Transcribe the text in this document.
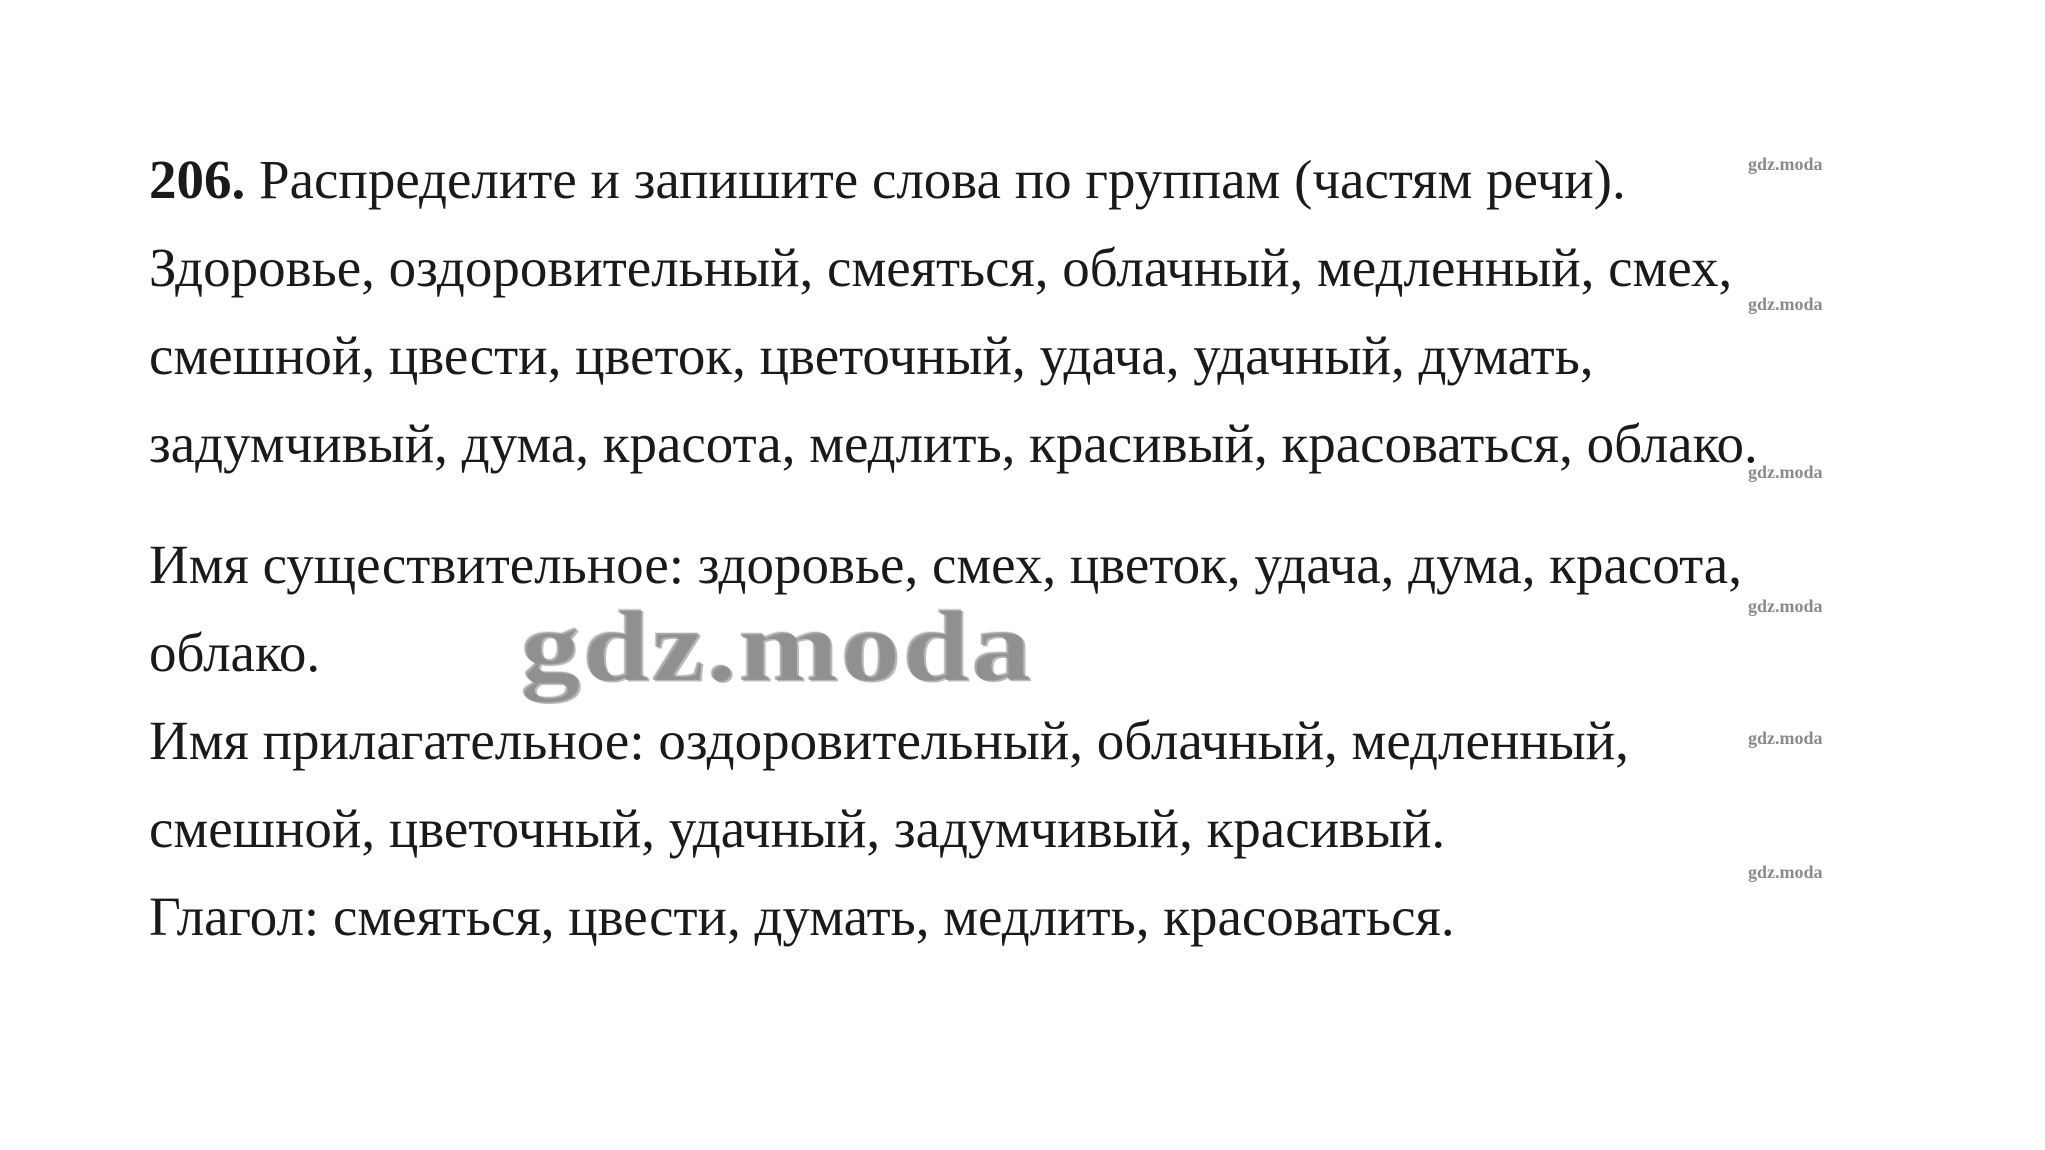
206. Распределите и запишите слова по группам (частям речи).
Здоровье, оздоровительный, смеяться, облачный, медленный, смех,
смешной, цвести, цветок, цветочный, удача, удачный, думать,
задумчивый, дума, красота, медлить, красивый, красоваться, облако.
Имя существительное: здоровье, смех, цветок, удача, дума, красота,
облако.
Имя прилагательное: оздоровительный, облачный, медленный,
смешной, цветочный, удачный, задумчивый, красивый.
Глагол: смеяться, цвести, думать, медлить, красоваться.
gdz.moda
gdz.moda
gdz.moda
gdz.moda
gdz.moda
gdz.moda
gdz.moda
